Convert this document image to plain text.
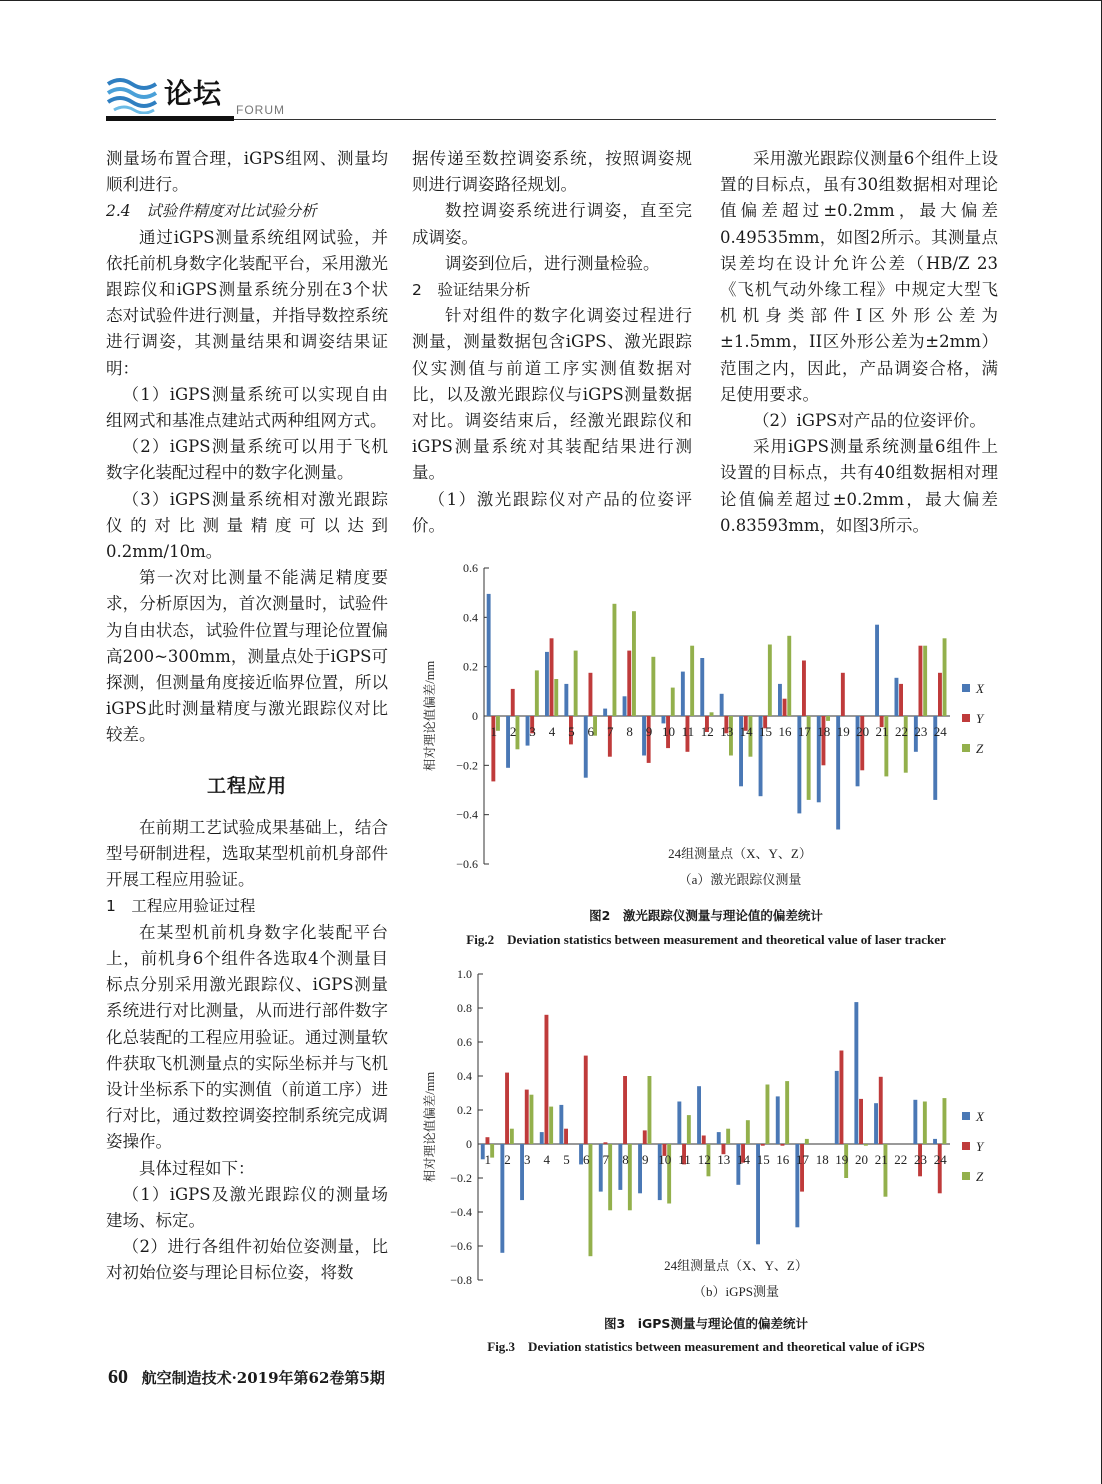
论坛 FORUM

测量场布置合理，iGPS组网、测量均顺利进行。

2.4　试验件精度对比试验分析

通过iGPS测量系统组网试验，并依托前机身数字化装配平台，采用激光跟踪仪和iGPS测量系统分别在3个状态对试验件进行测量，并指导数控系统进行调姿，其测量结果和调姿结果证明：

（1）iGPS测量系统可以实现自由组网式和基准点建站式两种组网方式。

（2）iGPS测量系统可以用于飞机数字化装配过程中的数字化测量。

（3）iGPS测量系统相对激光跟踪仪的对比测量精度可以达到0.2mm/10m。

第一次对比测量不能满足精度要求，分析原因为，首次测量时，试验件为自由状态，试验件位置与理论位置偏高200~300mm，测量点处于iGPS可探测，但测量角度接近临界位置，所以iGPS此时测量精度与激光跟踪仪对比较差。

工程应用

在前期工艺试验成果基础上，结合型号研制进程，选取某型机前机身部件开展工程应用验证。

1　工程应用验证过程

在某型机前机身数字化装配平台上，前机身6个组件各选取4个测量目标点分别采用激光跟踪仪、iGPS测量系统进行对比测量，从而进行部件数字化总装配的工程应用验证。通过测量软件获取飞机测量点的实际坐标并与飞机设计坐标系下的实测值（前道工序）进行对比，通过数控调姿控制系统完成调姿操作。

具体过程如下：

（1）iGPS及激光跟踪仪的测量场建场、标定。

（2）进行各组件初始位姿测量，比对初始位姿与理论目标位姿，将数

据传递至数控调姿系统，按照调姿规则进行调姿路径规划。

数控调姿系统进行调姿，直至完成调姿。

调姿到位后，进行测量检验。

2　验证结果分析

针对组件的数字化调姿过程进行测量，测量数据包含iGPS、激光跟踪仪实测值与前道工序实测值数据对比，以及激光跟踪仪与iGPS测量数据对比。调姿结束后，经激光跟踪仪和iGPS测量系统对其装配结果进行测量。

（1）激光跟踪仪对产品的位姿评价。

采用激光跟踪仪测量6个组件上设置的目标点，虽有30组数据相对理论值偏差超过±0.2mm，最大偏差0.49535mm，如图2所示。其测量点误差均在设计允许公差（HB/Z 23《飞机气动外缘工程》中规定大型飞机机身类部件I区外形公差为±1.5mm，II区外形公差为±2mm）范围之内，因此，产品调姿合格，满足使用要求。

（2）iGPS对产品的位姿评价。

采用iGPS测量系统测量6组件上设置的目标点，共有40组数据相对理论值偏差超过±0.2mm，最大偏差0.83593mm，如图3所示。

0.6
0.4
0.2
0
−0.2
−0.4
−0.6
1 2 3 4 5 6 7 8 9 10 11 12 13 14 15 16 17 18 19 20 21 22 23 24
相对理论值偏差/mm
24组测量点（X、Y、Z）
（a）激光跟踪仪测量
X
Y
Z
图2　激光跟踪仪测量与理论值的偏差统计
Fig.2　Deviation statistics between measurement and theoretical value of laser tracker
1.0
0.8
0.6
0.4
0.2
0
−0.2
−0.4
−0.6
−0.8
1 2 3 4 5 6 7 8 9 10 11 12 13 14 15 16 17 18 19 20 21 22 23 24
相对理论值偏差/mm
24组测量点（X、Y、Z）
（b）iGPS测量
X
Y
Z
图3　iGPS测量与理论值的偏差统计
Fig.3　Deviation statistics between measurement and theoretical value of iGPS
60 航空制造技术·2019年第62卷第5期
